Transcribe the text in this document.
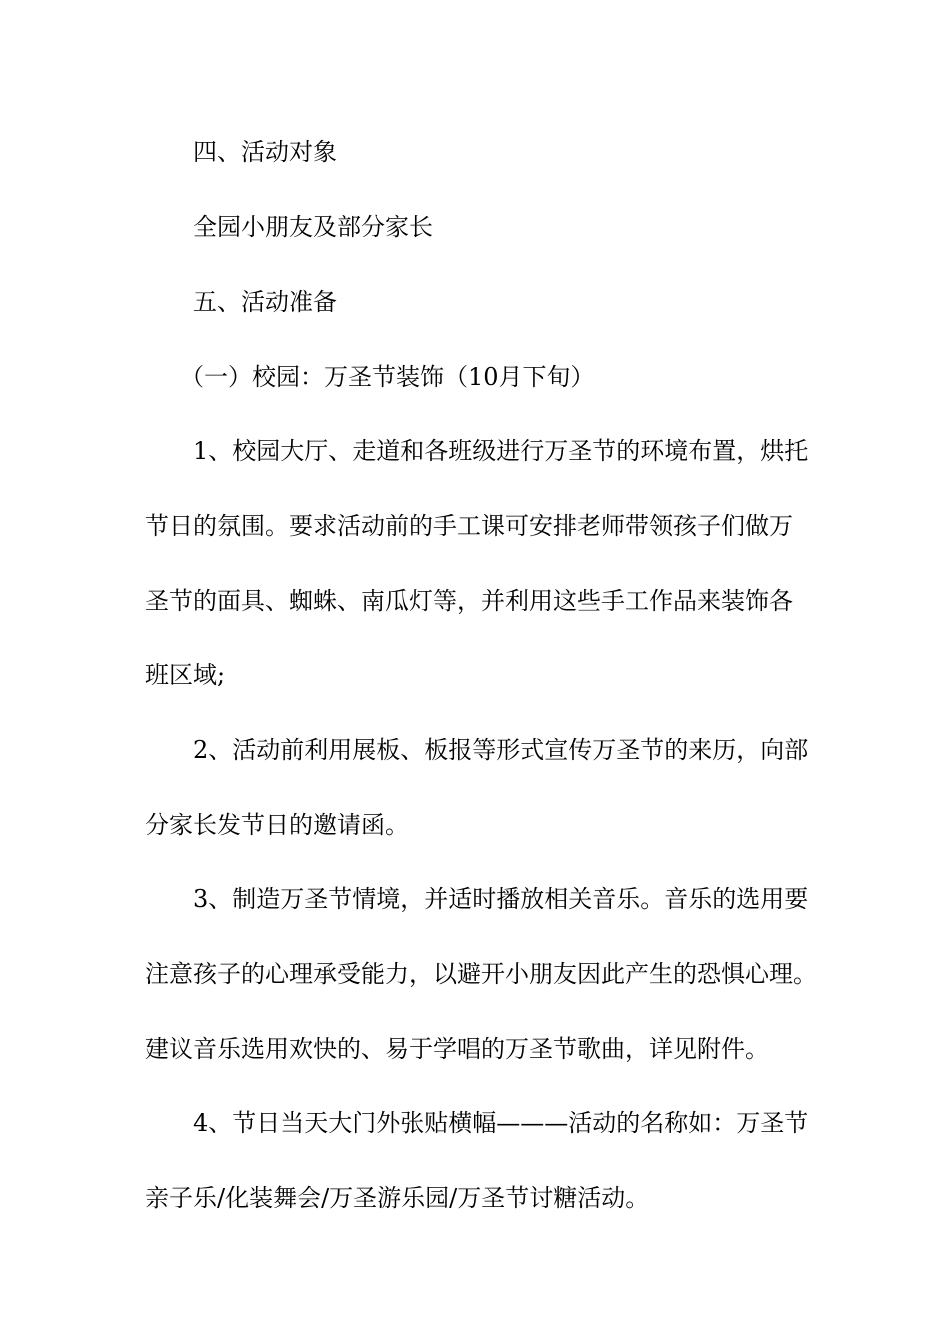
四、活动对象
全园小朋友及部分家长
五、活动准备
（一）校园：万圣节装饰（10月下旬）
1、校园大厅、走道和各班级进行万圣节的环境布置，烘托
节日的氛围。要求活动前的手工课可安排老师带领孩子们做万
圣节的面具、蜘蛛、南瓜灯等，并利用这些手工作品来装饰各
班区域;
2、活动前利用展板、板报等形式宣传万圣节的来历，向部
分家长发节日的邀请函。
3、制造万圣节情境，并适时播放相关音乐。音乐的选用要
注意孩子的心理承受能力，以避开小朋友因此产生的恐惧心理。
建议音乐选用欢快的、易于学唱的万圣节歌曲，详见附件。
4、节日当天大门外张贴横幅———活动的名称如：万圣节
亲子乐/化装舞会/万圣游乐园/万圣节讨糖活动。
